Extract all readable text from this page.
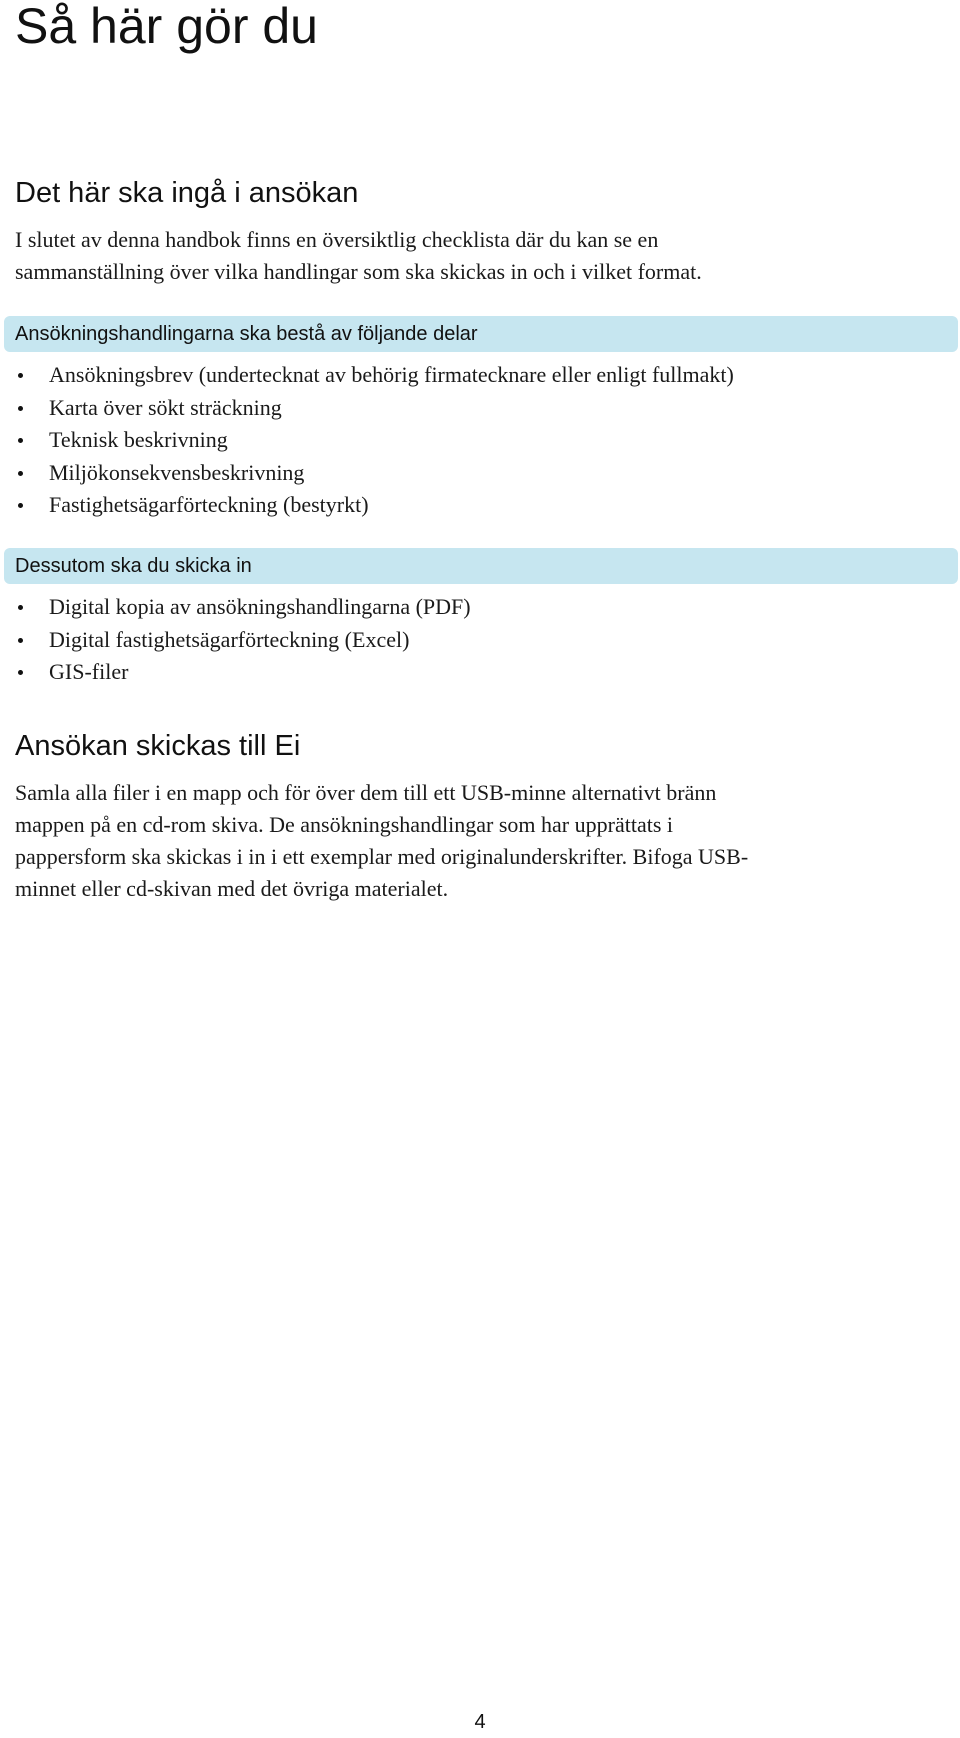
Så här gör du
Det här ska ingå i ansökan

I slutet av denna handbok finns en översiktlig checklista där du kan se en
sammanställning över vilka handlingar som ska skickas in och i vilket format.

Ansökningshandlingarna ska bestå av följande delar
Ansökningsbrev (undertecknat av behörig firmatecknare eller enligt fullmakt)
Karta över sökt sträckning
Teknisk beskrivning
Miljökonsekvensbeskrivning
Fastighetsägarförteckning (bestyrkt)
Dessutom ska du skicka in
Digital kopia av ansökningshandlingarna (PDF)
Digital fastighetsägarförteckning (Excel)
GIS-filer
Ansökan skickas till Ei

Samla alla filer i en mapp och för över dem till ett USB-minne alternativt bränn
mappen på en cd-rom skiva. De ansökningshandlingar som har upprättats i
pappersform ska skickas i in i ett exemplar med originalunderskrifter. Bifoga USB-
minnet eller cd-skivan med det övriga materialet.

4
